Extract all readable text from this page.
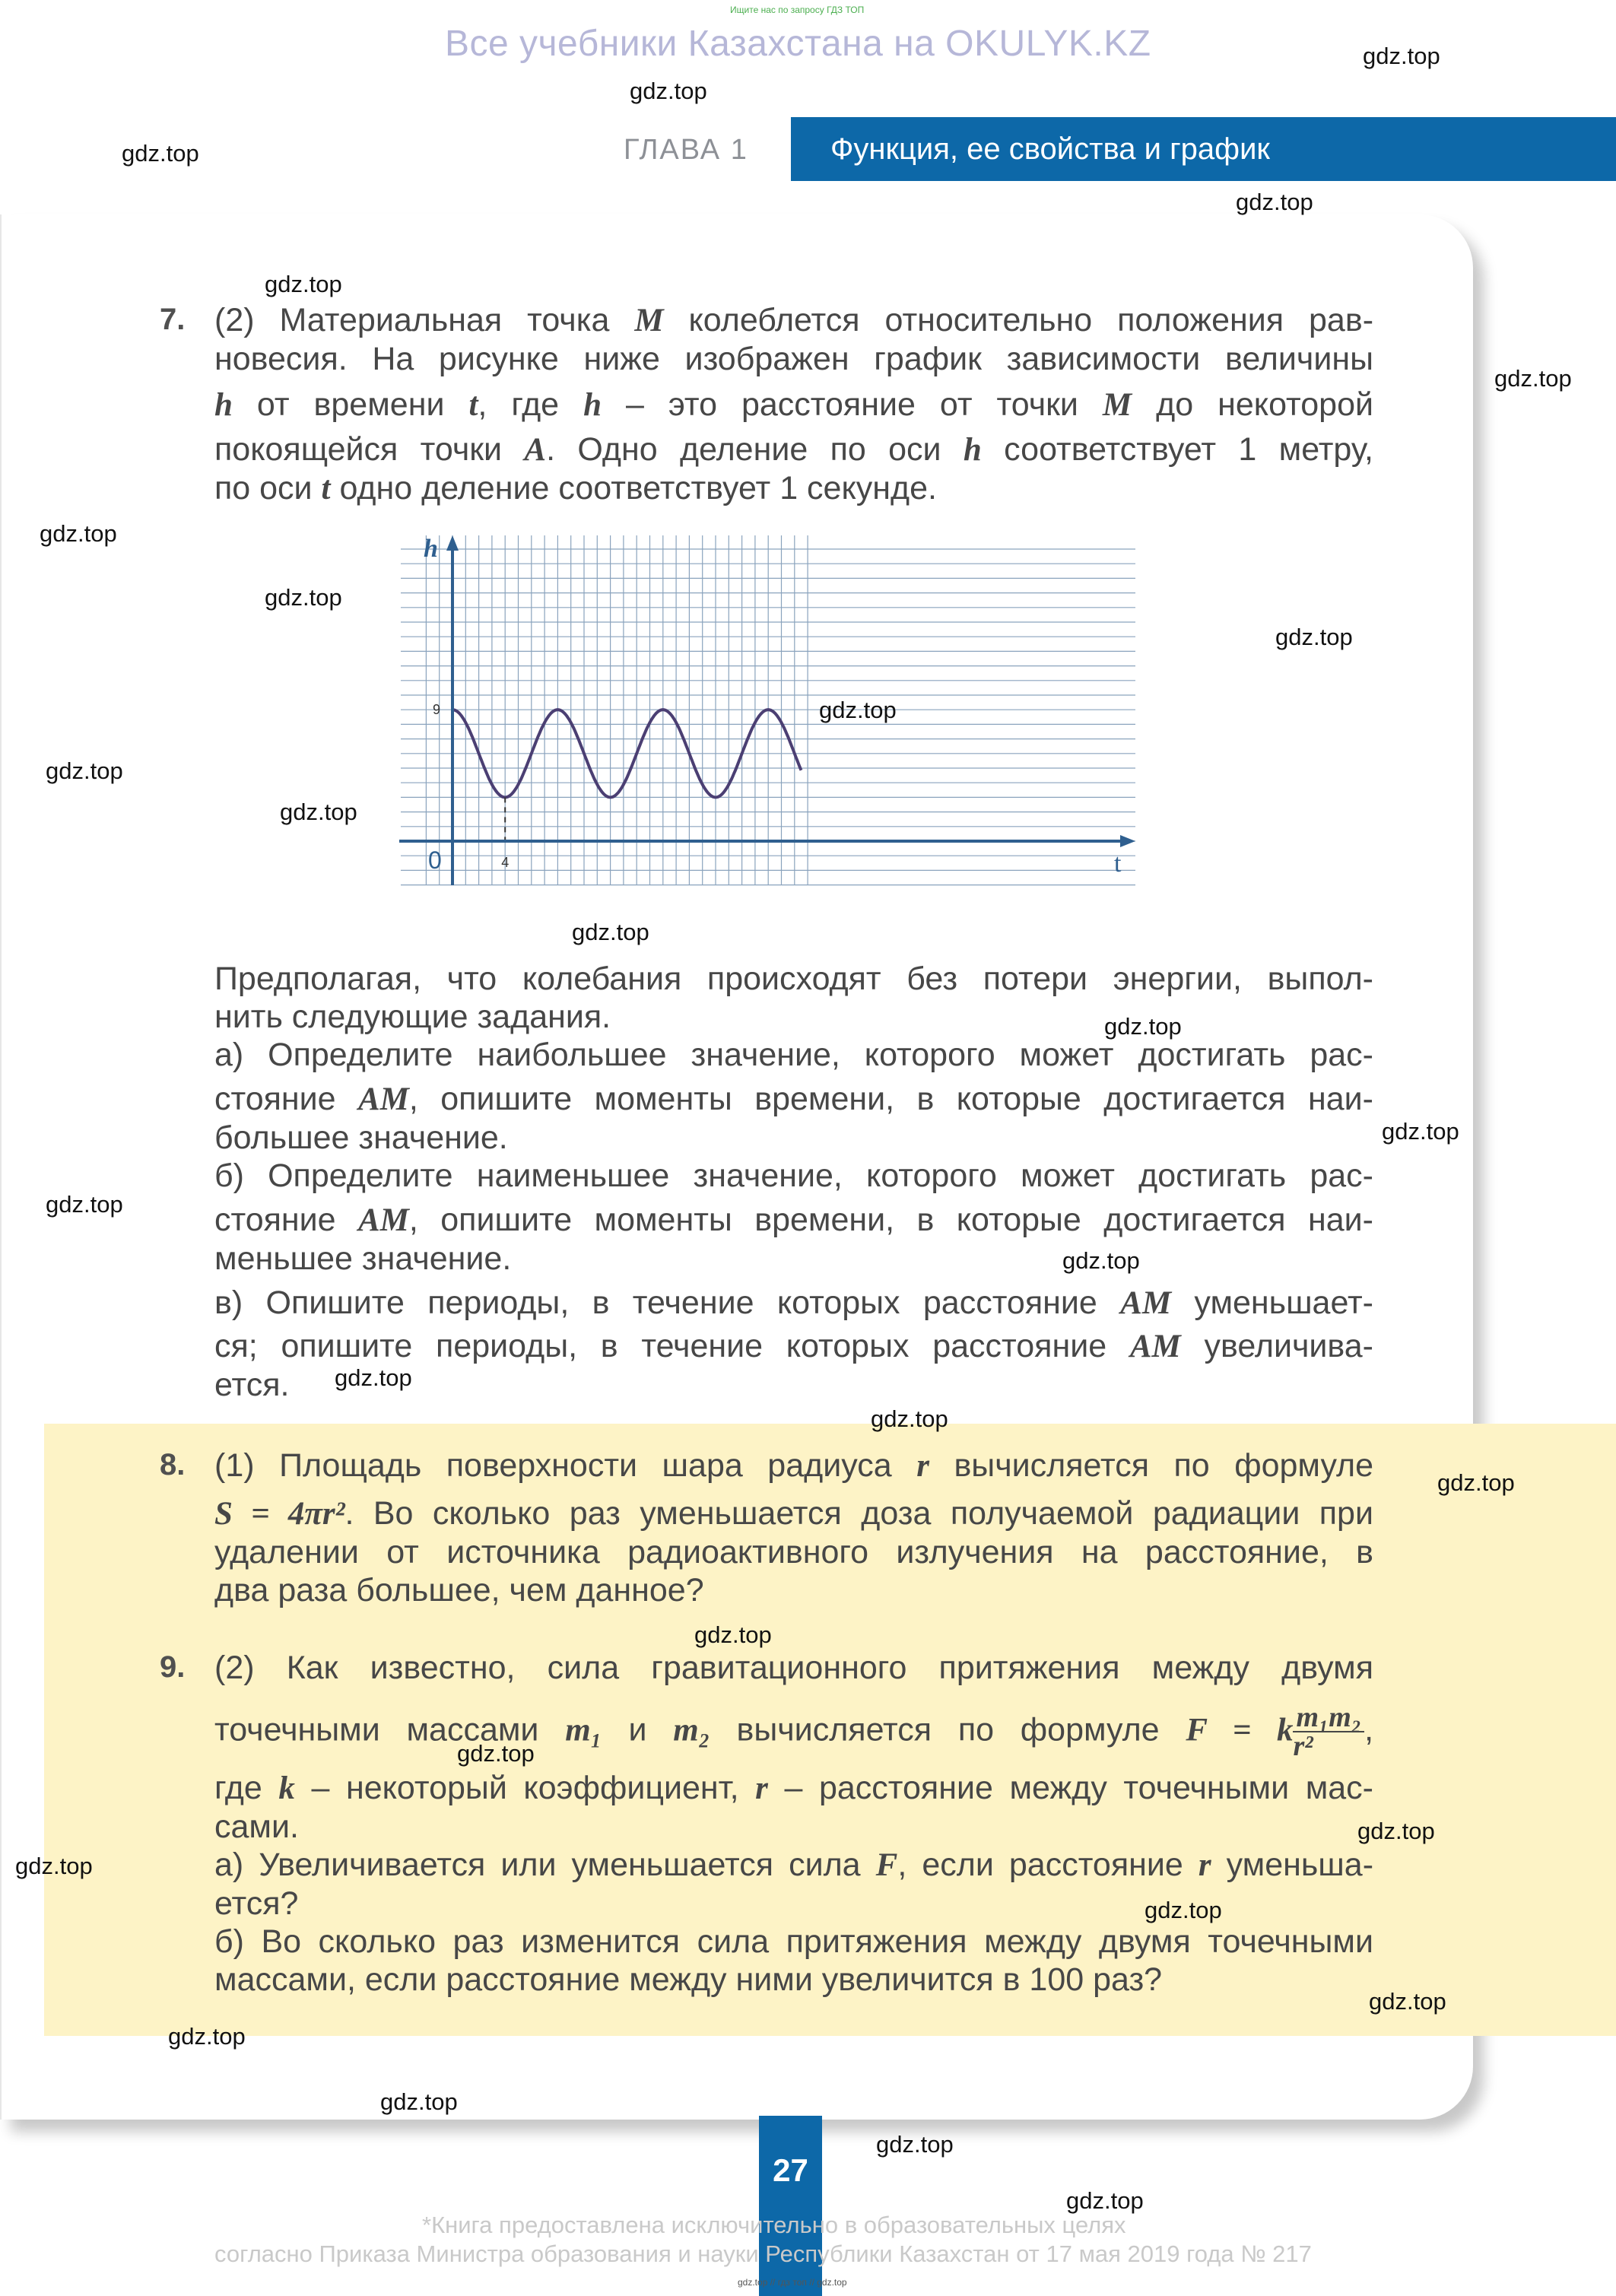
Ищите нас по запросу ГДЗ ТОП
Все учебники Казахстана на OKULYK.KZ
ГЛАВА 1	Функция, ее свойства и график
7. (2) Материальная точка M колеблется относительно положения рав-
новесия. На рисунке ниже изображен график зависимости величины
h от времени t, где h – это расстояние от точки M до некоторой
покоящейся точки A. Одно деление по оси h соответствует 1 метру,
по оси t одно деление соответствует 1 секунде.
h
t
0
9
4
Предполагая, что колебания происходят без потери энергии, выпол-
нить следующие задания.
а) Определите наибольшее значение, которого может достигать рас-
стояние AM, опишите моменты времени, в которые достигается наи-
большее значение.
б) Определите наименьшее значение, которого может достигать рас-
стояние AM, опишите моменты времени, в которые достигается наи-
меньшее значение.
в) Опишите периоды, в течение которых расстояние AM уменьшает-
ся; опишите периоды, в течение которых расстояние AM увеличива-
ется.
8. (1) Площадь поверхности шара радиуса r вычисляется по формуле
S = 4πr². Во сколько раз уменьшается доза получаемой радиации при
удалении от источника радиоактивного излучения на расстояние, в
два раза большее, чем данное?
9. (2) Как известно, сила гравитационного притяжения между двумя
точечными массами m₁ и m₂ вычисляется по формуле F = k $\frac{\text{m₁m₂}}{\text{r²}}$ ,
где k – некоторый коэффициент, r – расстояние между точечными мас-
сами.
а) Увеличивается или уменьшается сила F, если расстояние r уменьша-
ется?
б) Во сколько раз изменится сила притяжения между двумя точечными
массами, если расстояние между ними увеличится в 100 раз?
27
*Книга предоставлена исключительно в образовательных целях
согласно Приказа Министра образования и науки Республики Казахстан от 17 мая 2019 года № 217
gdz.top // гдз топ // gdz.top
gdz.top
gdz.top
gdz.top
gdz.top
gdz.top
gdz.top
gdz.top
gdz.top
gdz.top
gdz.top
gdz.top
gdz.top
gdz.top
gdz.top
gdz.top
gdz.top
gdz.top
gdz.top
gdz.top
gdz.top
gdz.top
gdz.top
gdz.top
gdz.top
gdz.top
gdz.top
gdz.top
gdz.top
gdz.top
gdz.top
